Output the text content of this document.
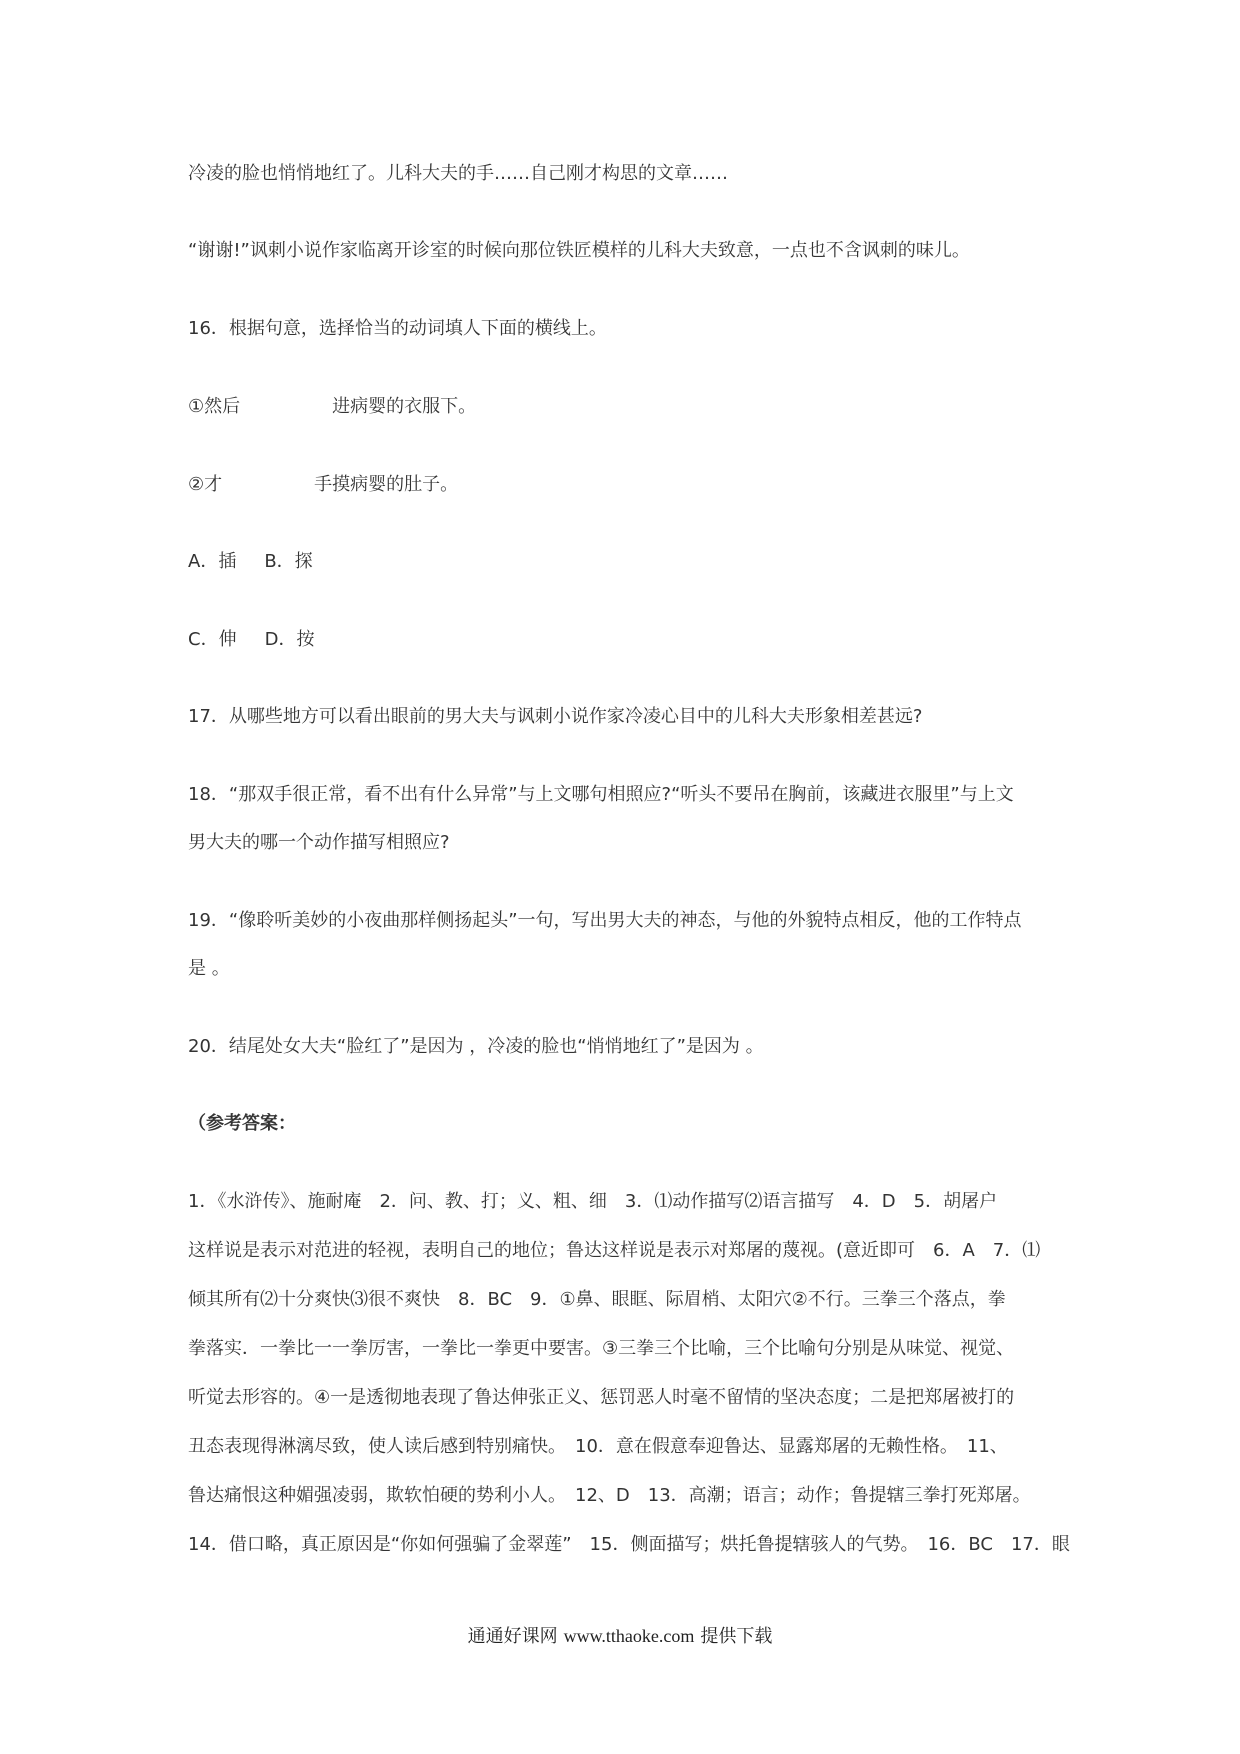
冷凌的脸也悄悄地红了。儿科大夫的手……自己刚才构思的文章……
“谢谢!”讽刺小说作家临离开诊室的时候向那位铁匠模样的儿科大夫致意，一点也不含讽刺的味儿。
16．根据句意，选择恰当的动词填人下面的横线上。
①然后	进病婴的衣服下。
②才	手摸病婴的肚子。
A．插 B．探
C．伸 D．按
17．从哪些地方可以看出眼前的男大夫与讽刺小说作家冷凌心目中的儿科大夫形象相差甚远?
18．“那双手很正常，看不出有什么异常”与上文哪句相照应?“听头不要吊在胸前，该藏进衣服里”与上文
男大夫的哪一个动作描写相照应?
19．“像聆听美妙的小夜曲那样侧扬起头”一句，写出男大夫的神态，与他的外貌特点相反，他的工作特点
是 。
20．结尾处女大夫“脸红了”是因为 ，冷凌的脸也“悄悄地红了”是因为 。
（参考答案：
1．《水浒传》、施耐庵　2．问、教、打；义、粗、细　3．⑴动作描写⑵语言描写　4．D　5．胡屠户
这样说是表示对范进的轻视，表明自己的地位；鲁达这样说是表示对郑屠的蔑视。(意近即可　6．A　7．⑴
倾其所有⑵十分爽快⑶很不爽快　8．BC　9．①鼻、眼眶、际眉梢、太阳穴②不行。三拳三个落点，拳
拳落实．一拳比一一拳厉害，一拳比一拳更中要害。③三拳三个比喻，三个比喻句分别是从味觉、视觉、
听觉去形容的。④一是透彻地表现了鲁达伸张正义、惩罚恶人时毫不留情的坚决态度；二是把郑屠被打的
丑态表现得淋漓尽致，使人读后感到特别痛快。　10．意在假意奉迎鲁达、显露郑屠的无赖性格。　11、
鲁达痛恨这种媚强凌弱，欺软怕硬的势利小人。　12、D　13．高潮；语言；动作；鲁提辖三拳打死郑屠。
14．借口略，真正原因是“你如何强骗了金翠莲”　15．侧面描写；烘托鲁提辖骇人的气势。　16．BC　17．眼
通通好课网 www.tthaoke.com 提供下载
